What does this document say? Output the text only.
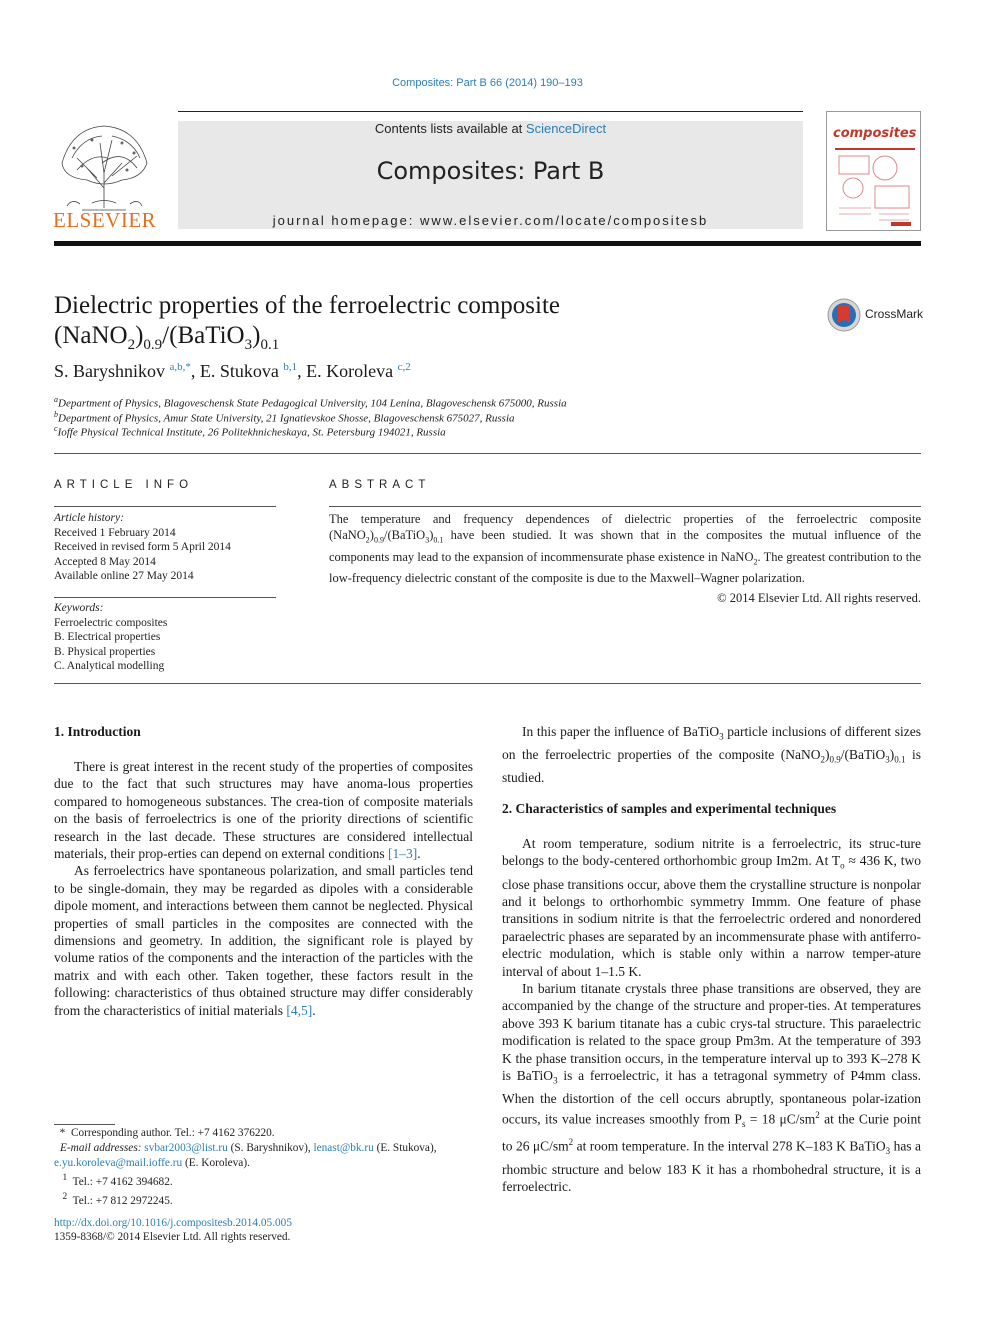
Composites: Part B 66 (2014) 190–193
ELSEVIER
Contents lists available at ScienceDirect
Composites: Part B
journal homepage: www.elsevier.com/locate/compositesb
composites
Dielectric properties of the ferroelectric composite
$(NaNO_2)_{0.9}/(BaTiO_3)_{0.1}$
CrossMark
S. Baryshnikov $^{a,b,*}$, E. Stukova $^{b,1}$, E. Koroleva $^{c,2}$
$^a$Department of Physics, Blagoveschensk State Pedagogical University, 104 Lenina, Blagoveschensk 675000, Russia
$^b$Department of Physics, Amur State University, 21 Ignatievskoe Shosse, Blagoveschensk 675027, Russia
$^c$Ioffe Physical Technical Institute, 26 Politekhnicheskaya, St. Petersburg 194021, Russia
ARTICLE INFO
Article history:
Received 1 February 2014
Received in revised form 5 April 2014
Accepted 8 May 2014
Available online 27 May 2014
Keywords:
Ferroelectric composites
B. Electrical properties
B. Physical properties
C. Analytical modelling
ABSTRACT
The temperature and frequency dependences of dielectric properties of the ferroelectric composite $(NaNO_2)_{0.9}/(BaTiO_3)_{0.1}$ have been studied. It was shown that in the composites the mutual influence of the components may lead to the expansion of incommensurate phase existence in NaNO$_2$. The greatest contribution to the low-frequency dielectric constant of the composite is due to the Maxwell–Wagner polarization.
© 2014 Elsevier Ltd. All rights reserved.
1. Introduction

There is great interest in the recent study of the properties of composites due to the fact that such structures may have anoma-lous properties compared to homogeneous substances. The crea-tion of composite materials on the basis of ferroelectrics is one of the priority directions of scientific research in the last decade. These structures are considered intellectual materials, their prop-erties can depend on external conditions [1–3].

As ferroelectrics have spontaneous polarization, and small particles tend to be single-domain, they may be regarded as dipoles with a considerable dipole moment, and interactions between them cannot be neglected. Physical properties of small particles in the composites are connected with the dimensions and geometry. In addition, the significant role is played by volume ratios of the components and the interaction of the particles with the matrix and with each other. Taken together, these factors result in the following: characteristics of thus obtained structure may differ considerably from the characteristics of initial materials [4,5].

*  Corresponding author. Tel.: +7 4162 376220.
E-mail addresses: svbar2003@list.ru (S. Baryshnikov), lenast@bk.ru (E. Stukova),
e.yu.koroleva@mail.ioffe.ru (E. Koroleva).
$^1$ Tel.: +7 4162 394682.
$^2$ Tel.: +7 812 2972245.
http://dx.doi.org/10.1016/j.compositesb.2014.05.005
1359-8368/© 2014 Elsevier Ltd. All rights reserved.

In this paper the influence of BaTiO$_3$ particle inclusions of different sizes on the ferroelectric properties of the composite $(NaNO_2)_{0.9}/(BaTiO_3)_{0.1}$ is studied.

2. Characteristics of samples and experimental techniques

At room temperature, sodium nitrite is a ferroelectric, its struc-ture belongs to the body-centered orthorhombic group Im2m. At $T_o \approx 436$ K, two close phase transitions occur, above them the crystalline structure is nonpolar and it belongs to orthorhombic symmetry Immm. One feature of phase transitions in sodium nitrite is that the ferroelectric ordered and nonordered paraelectric phases are separated by an incommensurate phase with antiferro-electric modulation, which is stable only within a narrow temper-ature interval of about 1–1.5 K.

In barium titanate crystals three phase transitions are observed, they are accompanied by the change of the structure and proper-ties. At temperatures above 393 K barium titanate has a cubic crys-tal structure. This paraelectric modification is related to the space group Pm3m. At the temperature of 393 K the phase transition occurs, in the temperature interval up to 393 K–278 K is BaTiO$_3$ is a ferroelectric, it has a tetragonal symmetry of P4mm class. When the distortion of the cell occurs abruptly, spontaneous polar-ization occurs, its value increases smoothly from $P_s = 18$ $\mu C/sm^2$ at the Curie point to 26 $\mu C/sm^2$ at room temperature. In the interval 278 K–183 K BaTiO$_3$ has a rhombic structure and below 183 K it has a rhombohedral structure, it is a ferroelectric.
